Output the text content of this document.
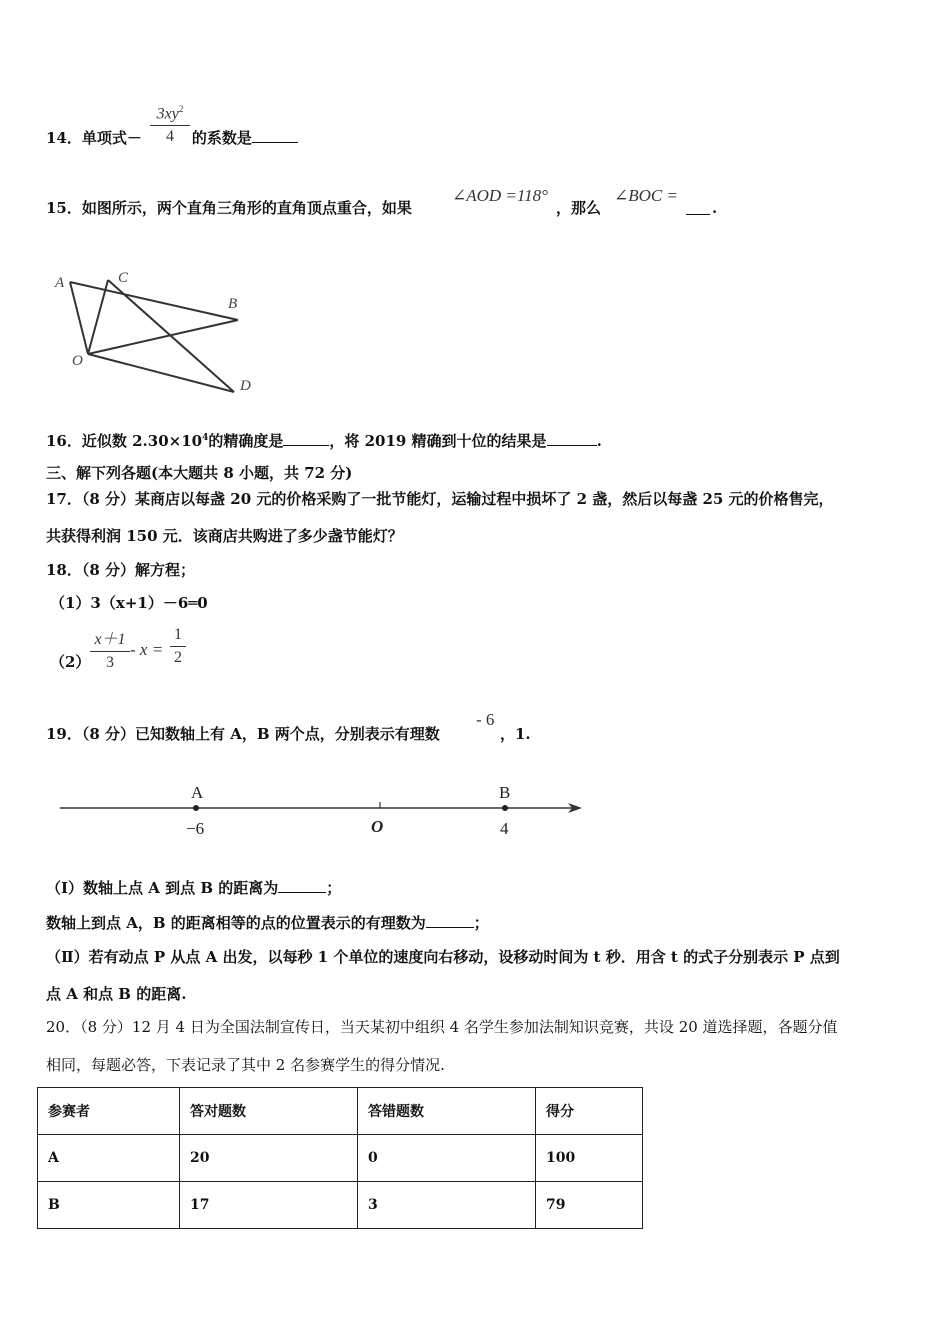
14．单项式－	的系数是
$3xy^2$
4
15．如图所示，两个直角三角形的直角顶点重合，如果
∠AOD =118°
，那么
∠BOC =
.
A	C
B
O
D
16．近似数 $2.30\times 10^4$的精确度是	，将 2019 精确到十位的结果是	.
三、解下列各题(本大题共 8 小题，共 72 分)
17．（8 分）某商店以每盏 20 元的价格采购了一批节能灯，运输过程中损坏了 2 盏，然后以每盏 25 元的价格售完，
共获得利润 150 元．该商店共购进了多少盏节能灯？
18．（8 分）解方程；
（1）3（x+1）－6═0
（2）
x＋1
3
- x =
1
2
19．（8 分）已知数轴上有 A，B 两个点，分别表示有理数
- 6
，1.
A	B
−6	O	4
（Ⅰ）数轴上点 A 到点 B 的距离为	；
数轴上到点 A，B 的距离相等的点的位置表示的有理数为	；
（Ⅱ）若有动点 P 从点 A 出发，以每秒 1 个单位的速度向右移动，设移动时间为 t 秒．用含 t 的式子分别表示 P 点到
点 A 和点 B 的距离.
20．（8 分）12 月 4 日为全国法制宣传日，当天某初中组织 4 名学生参加法制知识竞赛，共设 20 道选择题，各题分值
相同，每题必答，下表记录了其中 2 名参赛学生的得分情况.
参赛者	答对题数	答错题数	得分
A	20	0	100
B	17	3	79
